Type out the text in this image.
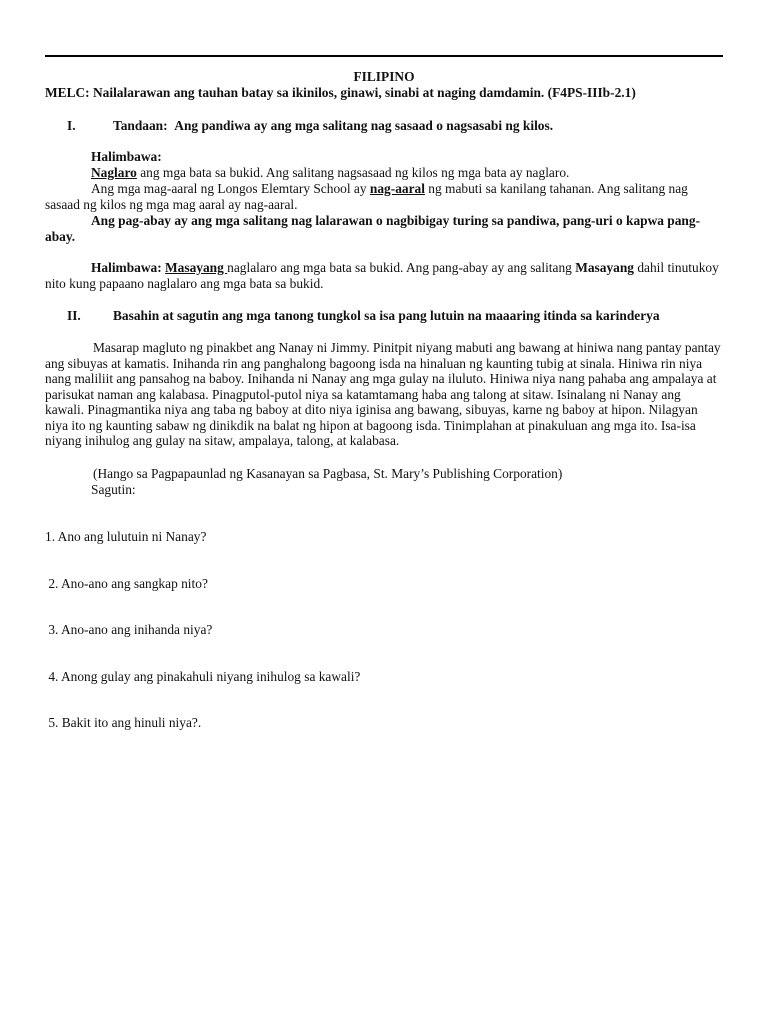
FILIPINO
MELC: Nailalarawan ang tauhan batay sa ikinilos, ginawi, sinabi at naging damdamin. (F4PS-IIIb-2.1)
I.	Tandaan: Ang pandiwa ay ang mga salitang nag sasaad o nagsasabi ng kilos.
Halimbawa:
Naglaro ang mga bata sa bukid. Ang salitang nagsasaad ng kilos ng mga bata ay naglaro.
Ang mga mag-aaral ng Longos Elemtary School ay nag-aaral ng mabuti sa kanilang tahanan. Ang salitang nag sasaad ng kilos ng mga mag aaral ay nag-aaral.
Ang pag-abay ay ang mga salitang nag lalarawan o nagbibigay turing sa pandiwa, pang-uri o kapwa pang-abay.
Halimbawa: Masayang naglalaro ang mga bata sa bukid. Ang pang-abay ay ang salitang Masayang dahil tinutukoy nito kung papaano naglalaro ang mga bata sa bukid.
II. Basahin at sagutin ang mga tanong tungkol sa isa pang lutuin na maaaring itinda sa karinderya
Masarap magluto ng pinakbet ang Nanay ni Jimmy. Pinitpit niyang mabuti ang bawang at hiniwa nang pantay pantay ang sibuyas at kamatis. Inihanda rin ang panghalong bagoong isda na hinaluan ng kaunting tubig at sinala. Hiniwa rin niya nang maliliit ang pansahog na baboy. Inihanda ni Nanay ang mga gulay na iluluto. Hiniwa niya nang pahaba ang ampalaya at parisukat naman ang kalabasa. Pinagputol-putol niya sa katamtamang haba ang talong at sitaw. Isinalang ni Nanay ang kawali. Pinagmantika niya ang taba ng baboy at dito niya iginisa ang bawang, sibuyas, karne ng baboy at hipon. Nilagyan niya ito ng kaunting sabaw ng dinikdik na balat ng hipon at bagoong isda. Tinimplahan at pinakuluan ang mga ito. Isa-isa niyang inihulog ang gulay na sitaw, ampalaya, talong, at kalabasa.
(Hango sa Pagpapaunlad ng Kasanayan sa Pagbasa, St. Mary’s Publishing Corporation)
Sagutin:

1. Ano ang lulutuin ni Nanay?

2. Ano-ano ang sangkap nito?

3. Ano-ano ang inihanda niya?

4. Anong gulay ang pinakahuli niyang inihulog sa kawali?

5. Bakit ito ang hinuli niya?.
